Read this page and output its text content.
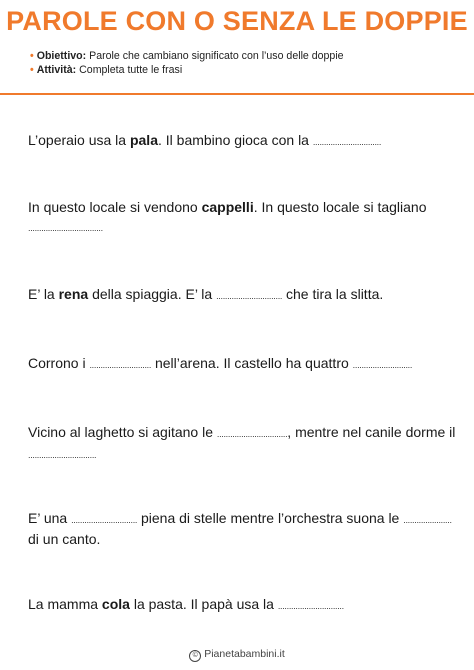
PAROLE CON O SENZA LE DOPPIE
• Obiettivo: Parole che cambiano significato con l’uso delle doppie
• Attività: Completa tutte le frasi
L’operaio usa la pala. Il bambino gioca con la ...............................
In questo locale si vendono cappelli. In questo locale si tagliano ..................................
E’ la rena della spiaggia. E’ la .............................. che tira la slitta.
Corrono i ............................ nell’arena. Il castello ha quattro ...........................
Vicino al laghetto si agitano le ................................, mentre nel canile dorme il ...............................
E’ una .............................. piena di stelle mentre l’orchestra suona le ...................... di un canto.
La mamma cola la pasta. Il papà usa la ..............................
© Pianetabambini.it
